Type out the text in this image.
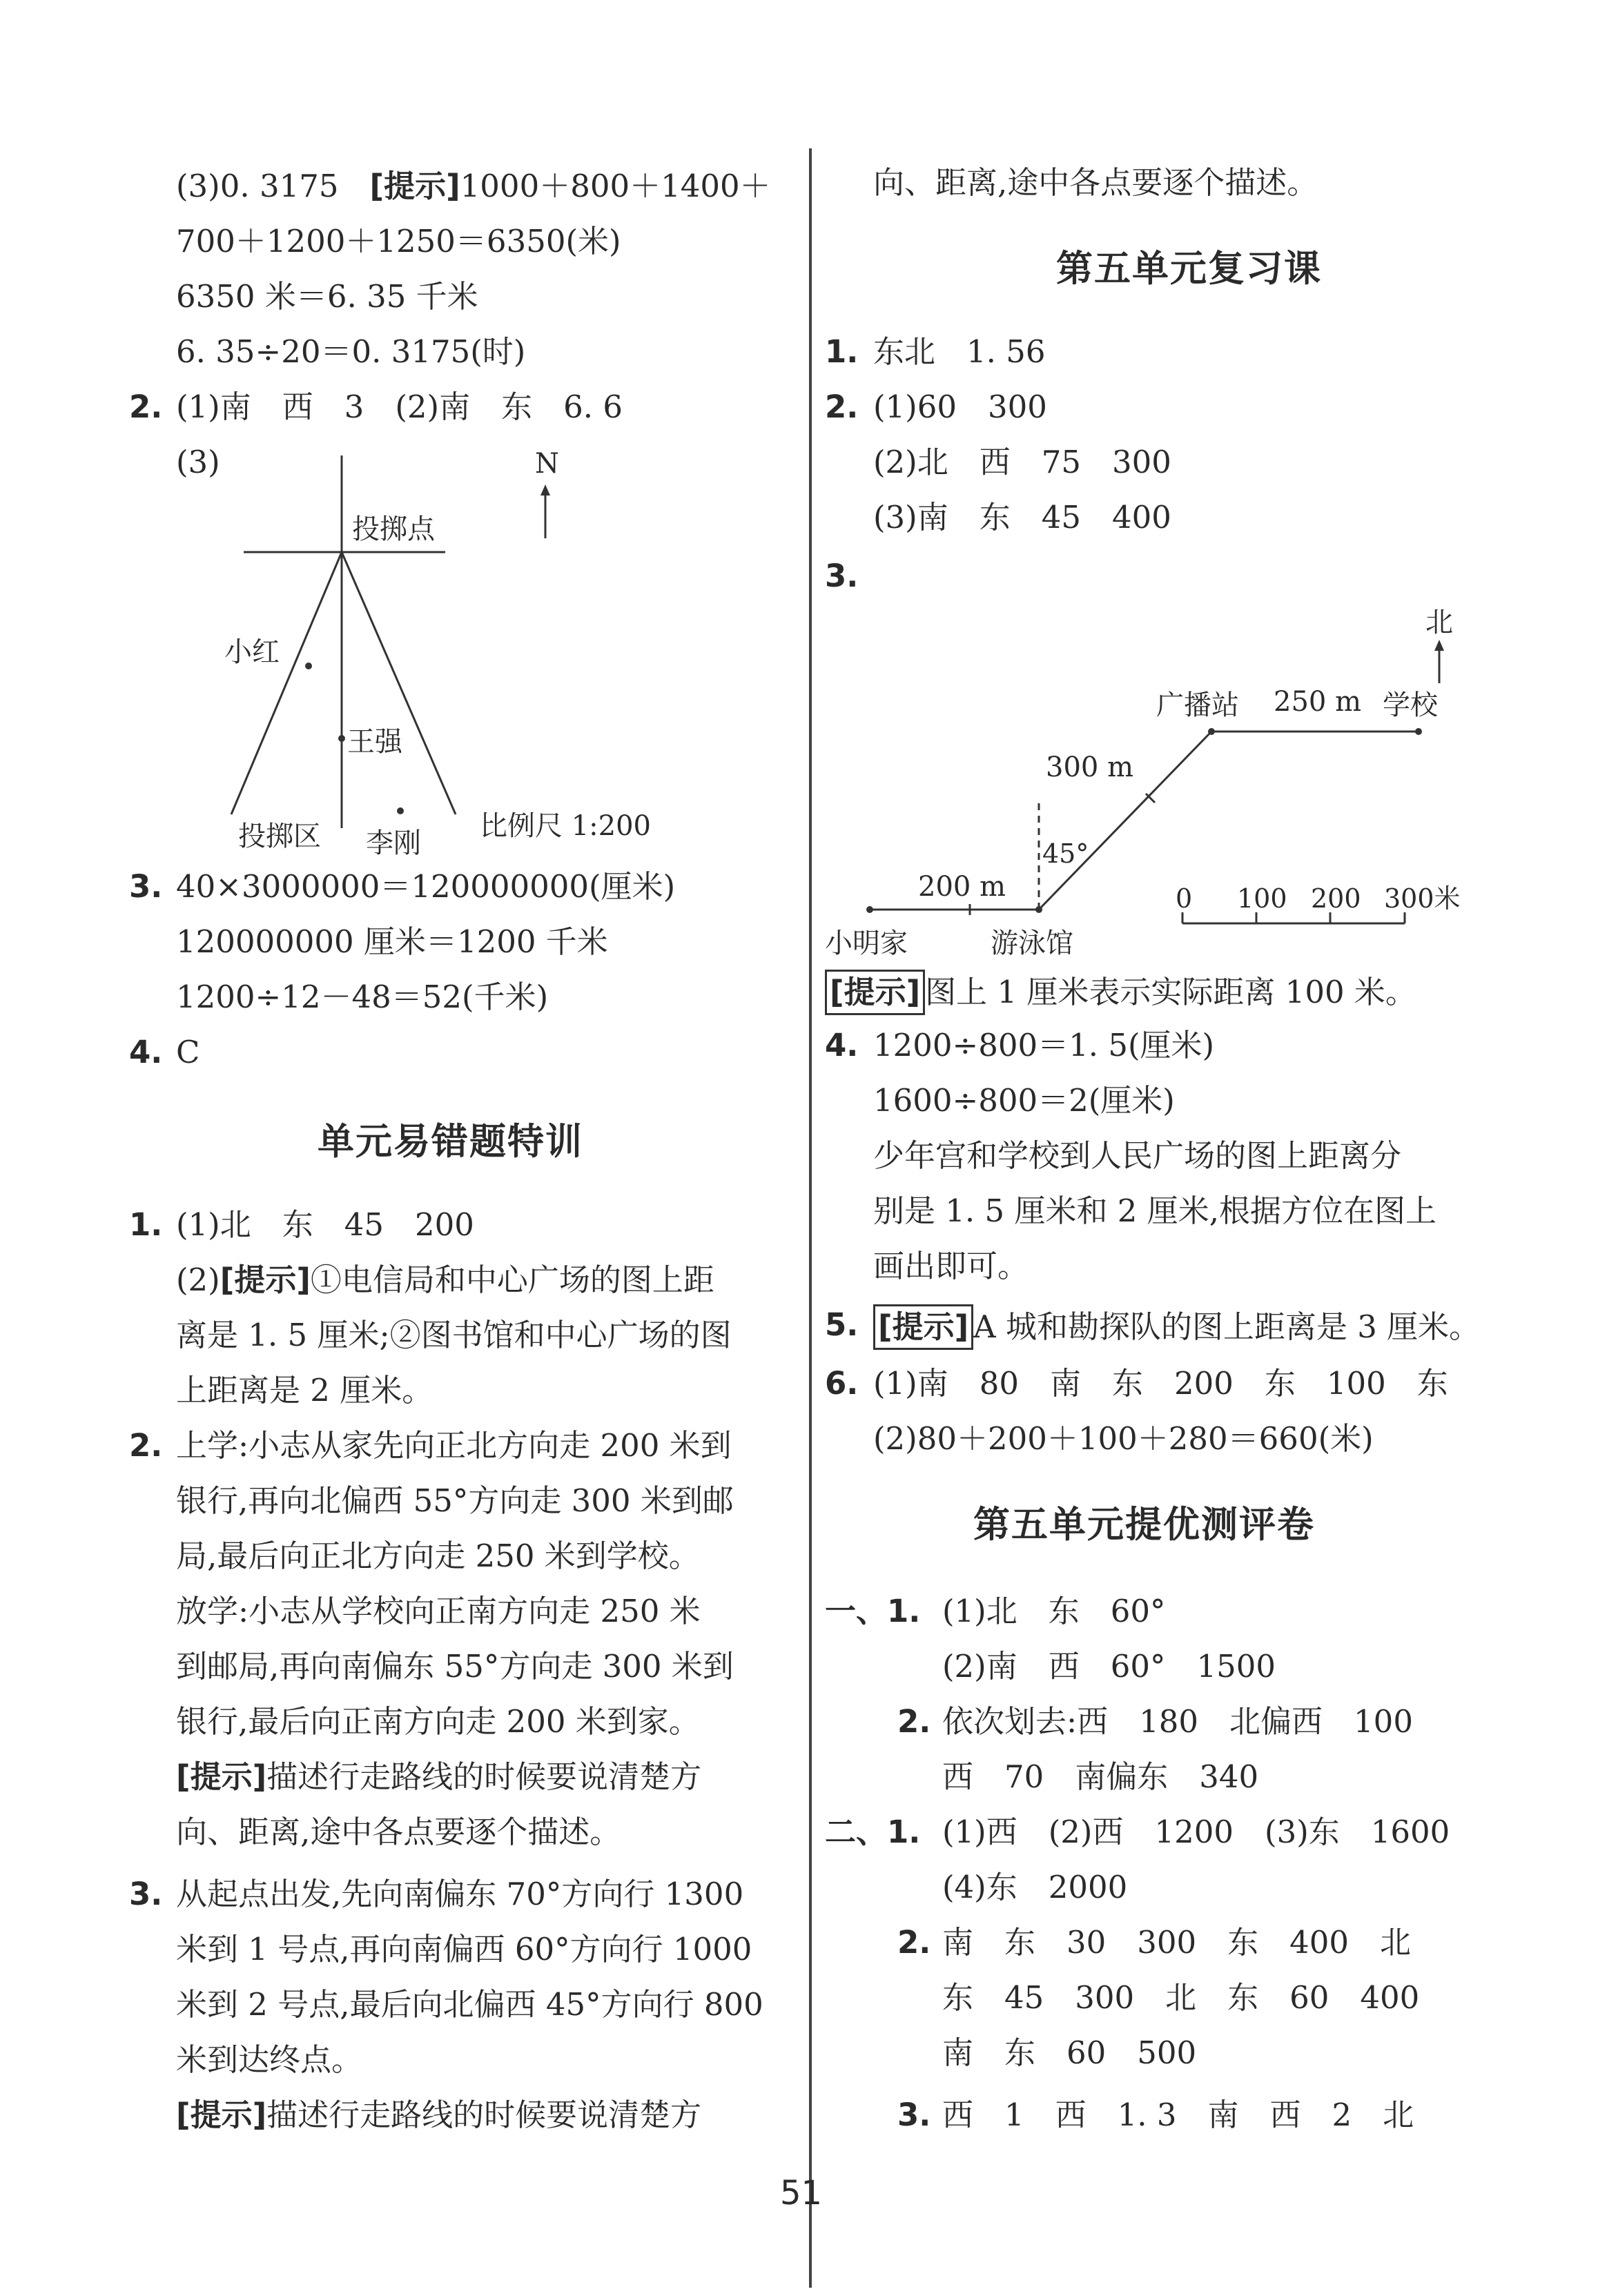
(3)0. 3175　 [提示]1000＋800＋1400＋
700＋1200＋1250＝6350(米)
6350 米＝6. 35 千米
6. 35÷20＝0. 3175(时)
2. (1)南　西　3　(2)南　东　6. 6
(3)	N
投掷点
小红
王强
投掷区 李刚
比例尺 1:200
3. 40×3000000＝120000000(厘米)
120000000 厘米＝1200 千米
1200÷12－48＝52(千米)
4. C
单元易错题特训
1. (1)北　东　45　200
(2)[提示]①电信局和中心广场的图上距
离是 1. 5 厘米;②图书馆和中心广场的图
上距离是 2 厘米。
2. 上学:小志从家先向正北方向走 200 米到
银行,再向北偏西 55°方向走 300 米到邮
局,最后向正北方向走 250 米到学校。
放学:小志从学校向正南方向走 250 米
到邮局,再向南偏东 55°方向走 300 米到
银行,最后向正南方向走 200 米到家。
[提示]描述行走路线的时候要说清楚方
向、距离,途中各点要逐个描述。
3. 从起点出发,先向南偏东 70°方向行 1300
米到 1 号点,再向南偏西 60°方向行 1000
米到 2 号点,最后向北偏西 45°方向行 800
米到达终点。
[提示]描述行走路线的时候要说清楚方
向、距离,途中各点要逐个描述。
第五单元复习课
1. 东北　1. 56
2. (1)60　300
(2)北　西　75　300
(3)南　东　45　400
3.
北
广播站 250 m 学校
300 m
45°
200 m
小明家	游泳馆
0 100 200 300米
[提示] 图上 1 厘米表示实际距离 100 米。
4. 1200÷800＝1. 5(厘米)
1600÷800＝2(厘米)
少年宫和学校到人民广场的图上距离分
别是 1. 5 厘米和 2 厘米,根据方位在图上
画出即可。
5. [提示] A 城和勘探队的图上距离是 3 厘米。
6. (1)南　80　南　东　200　东　100　东
(2)80＋200＋100＋280＝660(米)
第五单元提优测评卷
一、1. (1)北　东　60°
(2)南　西　60°　1500
2. 依次划去:西　180　北偏西　100
西　70　南偏东　340
二、1. (1)西　(2)西　1200　(3)东　1600
(4)东　2000
2. 南　东　30　300　东　400　北
东　45　300　北　东　60　400
南　东　60　500
3. 西　1　西　1. 3　南　西　2　北
51
